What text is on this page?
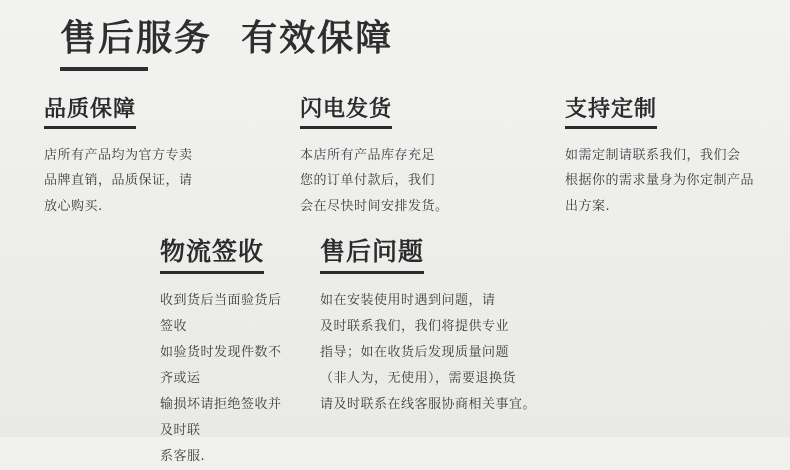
售后服务  有效保障
品质保障
店所有产品均为官方专卖
品牌直销，品质保证，请
放心购买.
闪电发货
本店所有产品库存充足
您的订单付款后，我们
会在尽快时间安排发货。
支持定制
如需定制请联系我们，我们会
根据你的需求量身为你定制产品
出方案.
物流签收
收到货后当面验货后签收
如验货时发现件数不齐或运
输损坏请拒绝签收并及时联
系客服.
售后问题
如在安装使用时遇到问题，请
及时联系我们，我们将提供专业
指导；如在收货后发现质量问题
（非人为，无使用），需要退换货
请及时联系在线客服协商相关事宜。
